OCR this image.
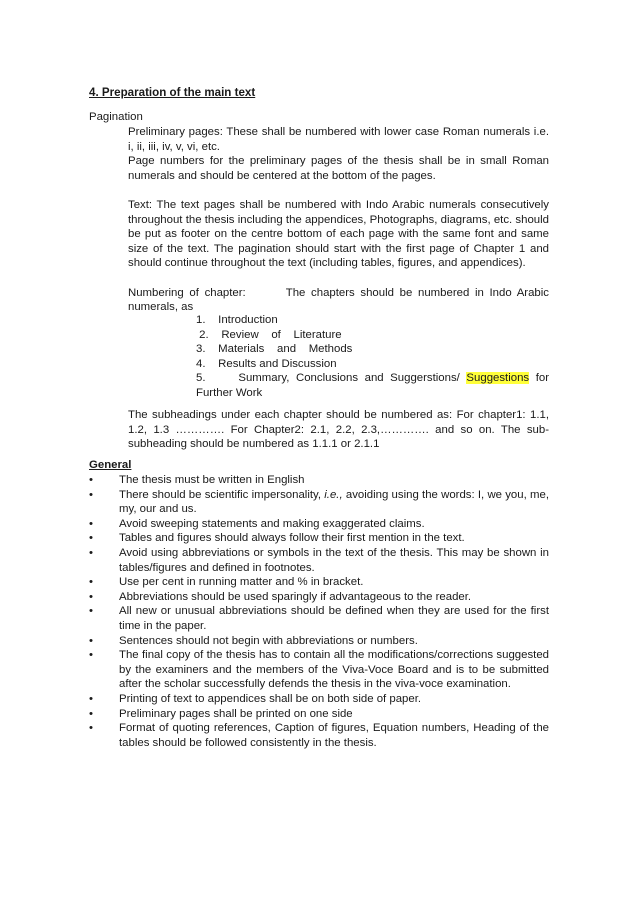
4. Preparation of the main text
Pagination

Preliminary pages: These shall be numbered with lower case Roman numerals i.e. i, ii, iii, iv, v, vi, etc.

Page numbers for the preliminary pages of the thesis shall be in small Roman numerals and should be centered at the bottom of the pages.

Text: The text pages shall be numbered with Indo Arabic numerals consecutively throughout the thesis including the appendices, Photographs, diagrams, etc. should be put as footer on the centre bottom of each page with the same font and same size of the text. The pagination should start with the first page of Chapter 1 and should continue throughout the text (including tables, figures, and appendices).

Numbering of chapter:	The chapters should be numbered in Indo Arabic numerals, as

1.    Introduction
2.    Review    of    Literature
3.    Materials    and    Methods
4.    Results and Discussion
5.     Summary, Conclusions and Suggerstions/ Suggestions for Further Work

The subheadings under each chapter should be numbered as: For chapter1: 1.1, 1.2, 1.3 …………. For Chapter2: 2.1, 2.2, 2.3,…………. and so on. The sub-subheading should be numbered as 1.1.1 or 2.1.1

General
• The thesis must be written in English
• There should be scientific impersonality, i.e., avoiding using the words: I, we you, me, my, our and us.
• Avoid sweeping statements and making exaggerated claims.
• Tables and figures should always follow their first mention in the text.
• Avoid using abbreviations or symbols in the text of the thesis. This may be shown in tables/figures and defined in footnotes.
• Use per cent in running matter and % in bracket.
• Abbreviations should be used sparingly if advantageous to the reader.
• All new or unusual abbreviations should be defined when they are used for the first time in the paper.
• Sentences should not begin with abbreviations or numbers.
• The final copy of the thesis has to contain all the modifications/corrections suggested by the examiners and the members of the Viva-Voce Board and is to be submitted after the scholar successfully defends the thesis in the viva-voce examination.
• Printing of text to appendices shall be on both side of paper.
• Preliminary pages shall be printed on one side
• Format of quoting references, Caption of figures, Equation numbers, Heading of the tables should be followed consistently in the thesis.
